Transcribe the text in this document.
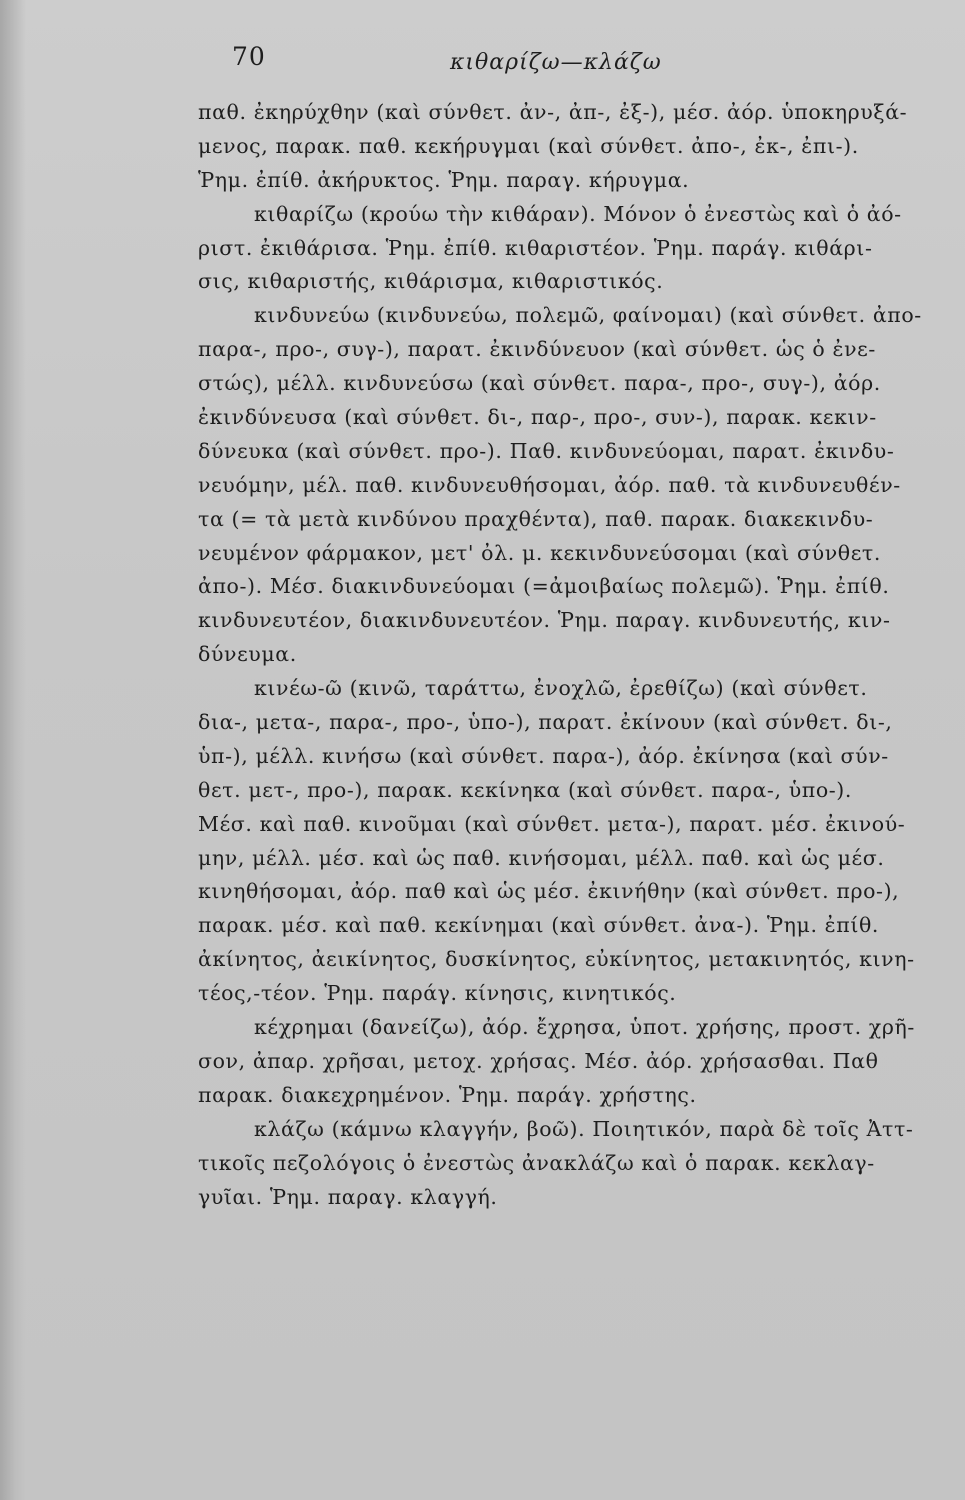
70	κιθαρίζω—κλάζω
παθ. ἐκηρύχθην (καὶ σύνθετ. ἀν-, ἀπ-, ἐξ-), μέσ. ἀόρ. ὑποκηρυξά-
μενος, παρακ. παθ. κεκήρυγμαι (καὶ σύνθετ. ἀπο-, ἐκ-, ἐπι-).
Ῥημ. ἐπίθ. ἀκήρυκτος. Ῥημ. παραγ. κήρυγμα.
κιθαρίζω (κρούω τὴν κιθάραν). Μόνον ὁ ἐνεστὼς καὶ ὁ ἀό-
ριστ. ἐκιθάρισα. Ῥημ. ἐπίθ. κιθαριστέον. Ῥημ. παράγ. κιθάρι-
σις, κιθαριστής, κιθάρισμα, κιθαριστικός.
κινδυνεύω (κινδυνεύω, πολεμῶ, φαίνομαι) (καὶ σύνθετ. ἀπο-
παρα-, προ-, συγ-), παρατ. ἐκινδύνευον (καὶ σύνθετ. ὡς ὁ ἐνε-
στώς), μέλλ. κινδυνεύσω (καὶ σύνθετ. παρα-, προ-, συγ-), ἀόρ.
ἐκινδύνευσα (καὶ σύνθετ. δι-, παρ-, προ-, συν-), παρακ. κεκιν-
δύνευκα (καὶ σύνθετ. προ-). Παθ. κινδυνεύομαι, παρατ. ἐκινδυ-
νευόμην, μέλ. παθ. κινδυνευθήσομαι, ἀόρ. παθ. τὰ κινδυνευθέν-
τα (= τὰ μετὰ κινδύνου πραχθέντα), παθ. παρακ. διακεκινδυ-
νευμένον φάρμακον, μετ' ὀλ. μ. κεκινδυνεύσομαι (καὶ σύνθετ.
ἀπο-). Μέσ. διακινδυνεύομαι (=ἀμοιβαίως πολεμῶ). Ῥημ. ἐπίθ.
κινδυνευτέον, διακινδυνευτέον. Ῥημ. παραγ. κινδυνευτής, κιν-
δύνευμα.
κινέω-ῶ (κινῶ, ταράττω, ἐνοχλῶ, ἐρεθίζω) (καὶ σύνθετ.
δια-, μετα-, παρα-, προ-, ὑπο-), παρατ. ἐκίνουν (καὶ σύνθετ. δι-,
ὑπ-), μέλλ. κινήσω (καὶ σύνθετ. παρα-), ἀόρ. ἐκίνησα (καὶ σύν-
θετ. μετ-, προ-), παρακ. κεκίνηκα (καὶ σύνθετ. παρα-, ὑπο-).
Μέσ. καὶ παθ. κινοῦμαι (καὶ σύνθετ. μετα-), παρατ. μέσ. ἐκινού-
μην, μέλλ. μέσ. καὶ ὡς παθ. κινήσομαι, μέλλ. παθ. καὶ ὡς μέσ.
κινηθήσομαι, ἀόρ. παθ καὶ ὡς μέσ. ἐκινήθην (καὶ σύνθετ. προ-),
παρακ. μέσ. καὶ παθ. κεκίνημαι (καὶ σύνθετ. ἀνα-). Ῥημ. ἐπίθ.
ἀκίνητος, ἀεικίνητος, δυσκίνητος, εὐκίνητος, μετακινητός, κινη-
τέος,-τέον. Ῥημ. παράγ. κίνησις, κινητικός.
κέχρημαι (δανείζω), ἀόρ. ἔχρησα, ὑποτ. χρήσης, προστ. χρῆ-
σον, ἀπαρ. χρῆσαι, μετοχ. χρήσας. Μέσ. ἀόρ. χρήσασθαι. Παθ
παρακ. διακεχρημένον. Ῥημ. παράγ. χρήστης.
κλάζω (κάμνω κλαγγήν, βοῶ). Ποιητικόν, παρὰ δὲ τοῖς Ἀττ-
τικοῖς πεζολόγοις ὁ ἐνεστὼς ἀνακλάζω καὶ ὁ παρακ. κεκλαγ-
γυῖαι. Ῥημ. παραγ. κλαγγή.
